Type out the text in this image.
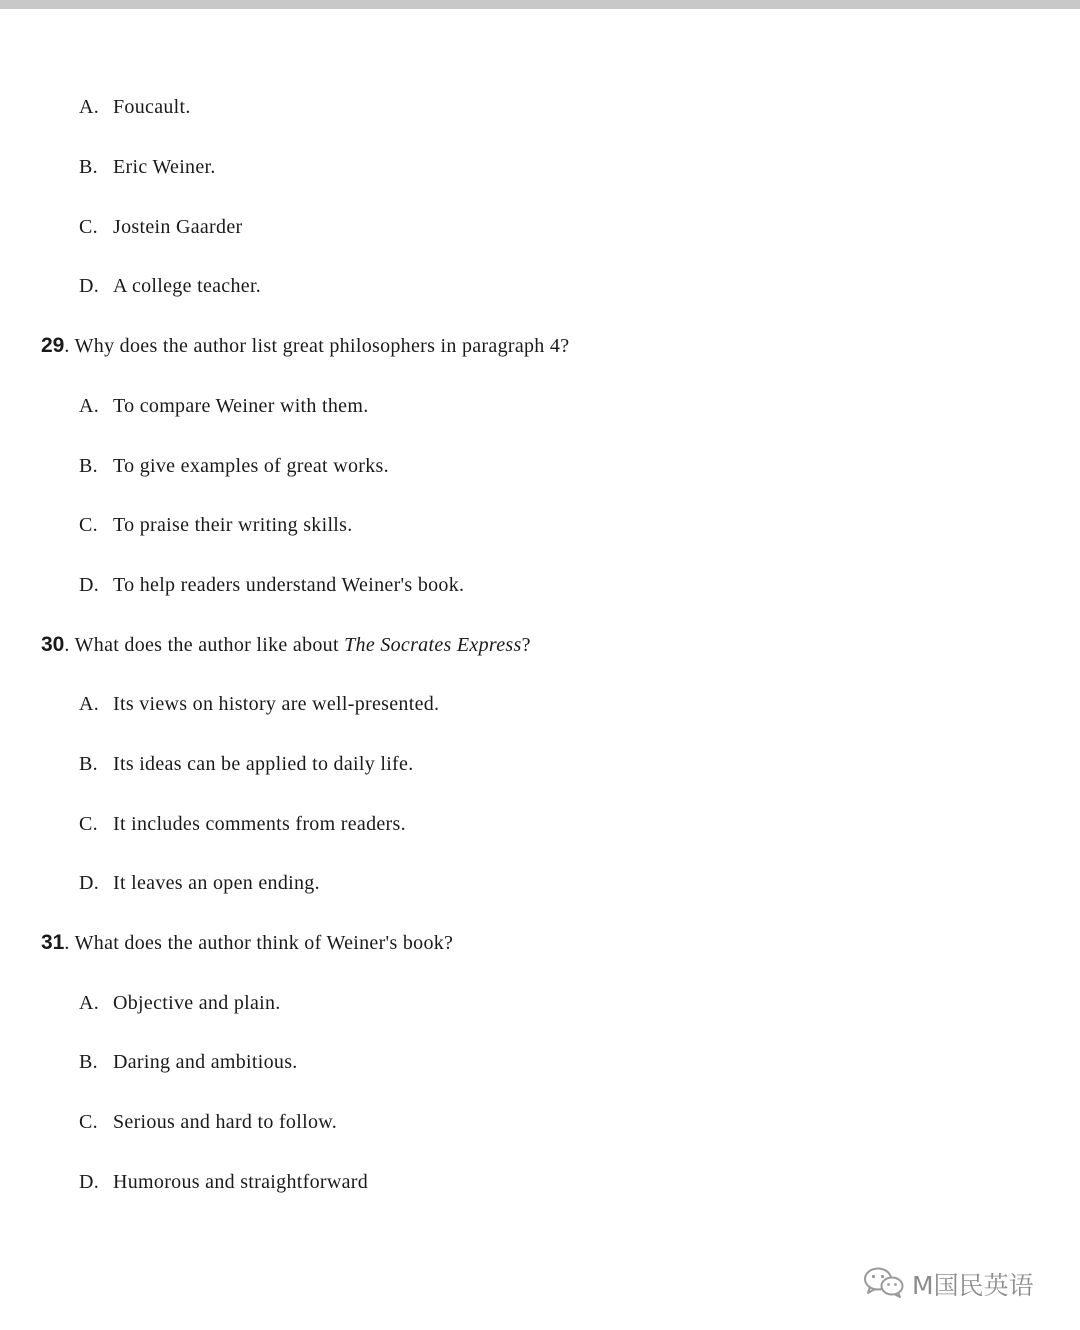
A. Foucault.
B. Eric Weiner.
C. Jostein Gaarder
D. A college teacher.
29. Why does the author list great philosophers in paragraph 4?
A. To compare Weiner with them.
B. To give examples of great works.
C. To praise their writing skills.
D. To help readers understand Weiner's book.
30. What does the author like about The Socrates Express?
A. Its views on history are well-presented.
B. Its ideas can be applied to daily life.
C. It includes comments from readers.
D. It leaves an open ending.
31. What does the author think of Weiner's book?
A. Objective and plain.
B. Daring and ambitious.
C. Serious and hard to follow.
D. Humorous and straightforward
M国民英语
